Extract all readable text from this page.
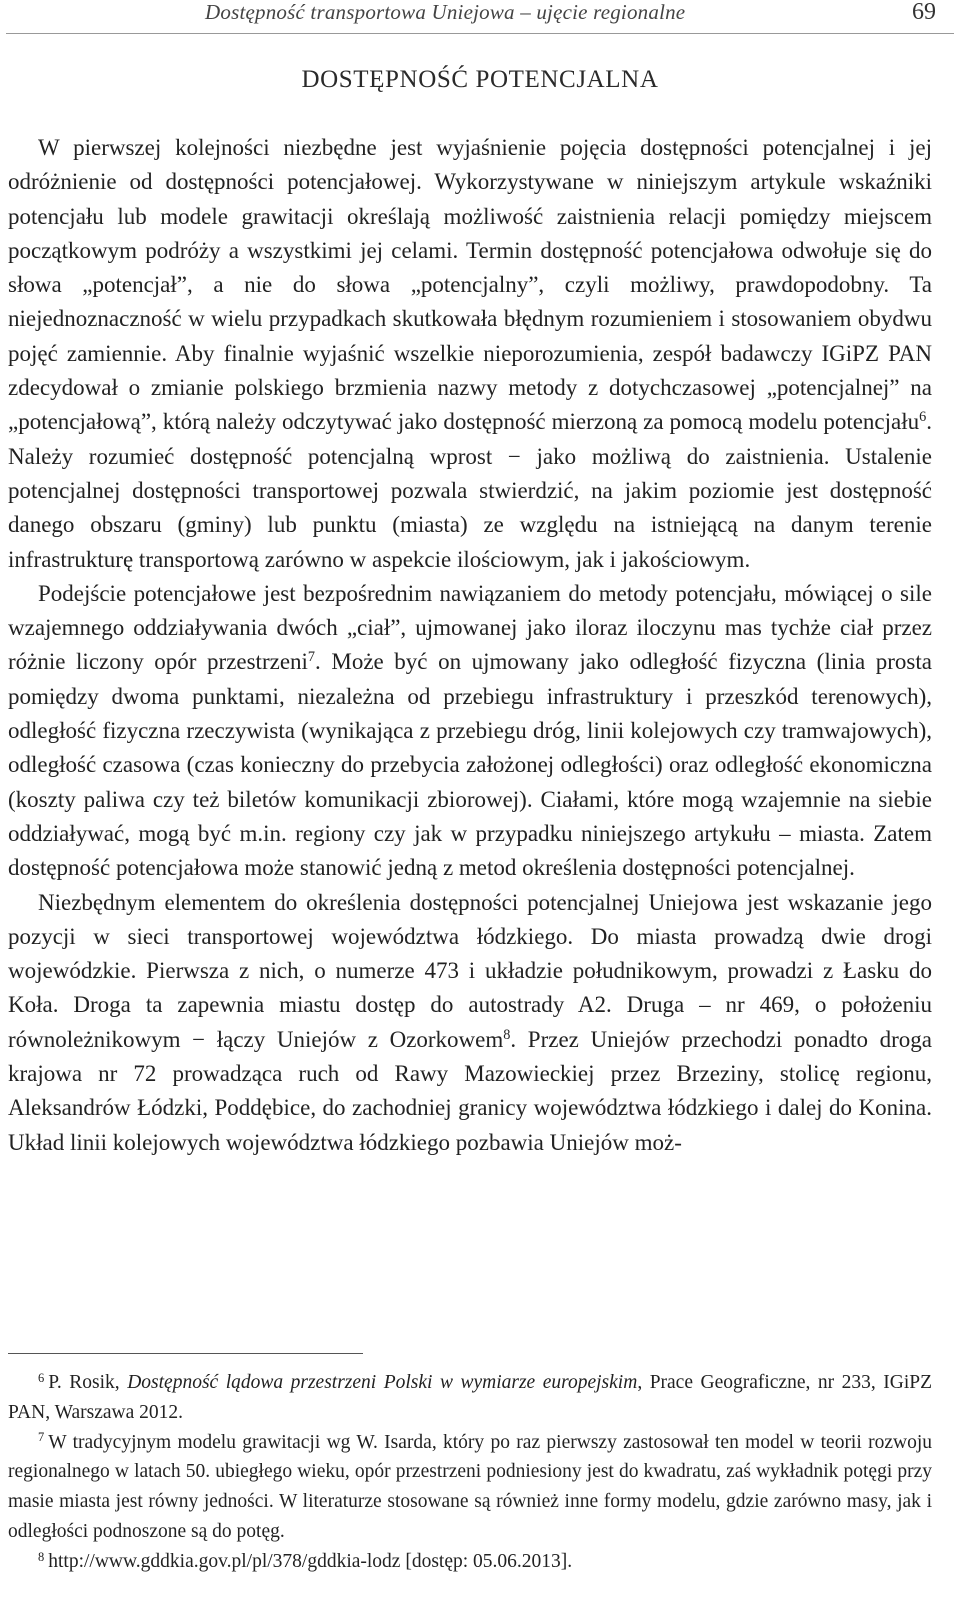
Dostępność transportowa Uniejowa – ujęcie regionalne	69
DOSTĘPNOŚĆ POTENCJALNA

W pierwszej kolejności niezbędne jest wyjaśnienie pojęcia dostępności potencjalnej i jej odróżnienie od dostępności potencjałowej. Wykorzystywane w niniejszym artykule wskaźniki potencjału lub modele grawitacji określają możliwość zaistnienia relacji pomiędzy miejscem początkowym podróży a wszystkimi jej celami. Termin dostępność potencjałowa odwołuje się do słowa „potencjał”, a nie do słowa „potencjalny”, czyli możliwy, prawdopodobny. Ta niejednoznaczność w wielu przypadkach skutkowała błędnym rozumieniem i stosowaniem obydwu pojęć zamiennie. Aby finalnie wyjaśnić wszelkie nieporozumienia, zespół badawczy IGiPZ PAN zdecydował o zmianie polskiego brzmienia nazwy metody z dotychczasowej „potencjalnej” na „potencjałową”, którą należy odczytywać jako dostępność mierzoną za pomocą modelu potencjału$^6$. Należy rozumieć dostępność potencjalną wprost − jako możliwą do zaistnienia. Ustalenie potencjalnej dostępności transportowej pozwala stwierdzić, na jakim poziomie jest dostępność danego obszaru (gminy) lub punktu (miasta) ze względu na istniejącą na danym terenie infrastrukturę transportową zarówno w aspekcie ilościowym, jak i jakościowym.

Podejście potencjałowe jest bezpośrednim nawiązaniem do metody potencjału, mówiącej o sile wzajemnego oddziaływania dwóch „ciał”, ujmowanej jako iloraz iloczynu mas tychże ciał przez różnie liczony opór przestrzeni$^7$. Może być on ujmowany jako odległość fizyczna (linia prosta pomiędzy dwoma punktami, niezależna od przebiegu infrastruktury i przeszkód terenowych), odległość fizyczna rzeczywista (wynikająca z przebiegu dróg, linii kolejowych czy tramwajowych), odległość czasowa (czas konieczny do przebycia założonej odległości) oraz odległość ekonomiczna (koszty paliwa czy też biletów komunikacji zbiorowej). Ciałami, które mogą wzajemnie na siebie oddziaływać, mogą być m.in. regiony czy jak w przypadku niniejszego artykułu – miasta. Zatem dostępność potencjałowa może stanowić jedną z metod określenia dostępności potencjalnej.

Niezbędnym elementem do określenia dostępności potencjalnej Uniejowa jest wskazanie jego pozycji w sieci transportowej województwa łódzkiego. Do miasta prowadzą dwie drogi wojewódzkie. Pierwsza z nich, o numerze 473 i układzie południkowym, prowadzi z Łasku do Koła. Droga ta zapewnia miastu dostęp do autostrady A2. Druga – nr 469, o położeniu równoleżnikowym − łączy Uniejów z Ozorkowem$^8$. Przez Uniejów przechodzi ponadto droga krajowa nr 72 prowadząca ruch od Rawy Mazowieckiej przez Brzeziny, stolicę regionu, Aleksandrów Łódzki, Poddębice, do zachodniej granicy województwa łódzkiego i dalej do Konina. Układ linii kolejowych województwa łódzkiego pozbawia Uniejów moż-

$^6$ P. Rosik, Dostępność lądowa przestrzeni Polski w wymiarze europejskim, Prace Geograficzne, nr 233, IGiPZ PAN, Warszawa 2012.

$^7$ W tradycyjnym modelu grawitacji wg W. Isarda, który po raz pierwszy zastosował ten model w teorii rozwoju regionalnego w latach 50. ubiegłego wieku, opór przestrzeni podniesiony jest do kwadratu, zaś wykładnik potęgi przy masie miasta jest równy jedności. W literaturze stosowane są również inne formy modelu, gdzie zarówno masy, jak i odległości podnoszone są do potęg.

$^8$ http://www.gddkia.gov.pl/pl/378/gddkia-lodz [dostęp: 05.06.2013].
